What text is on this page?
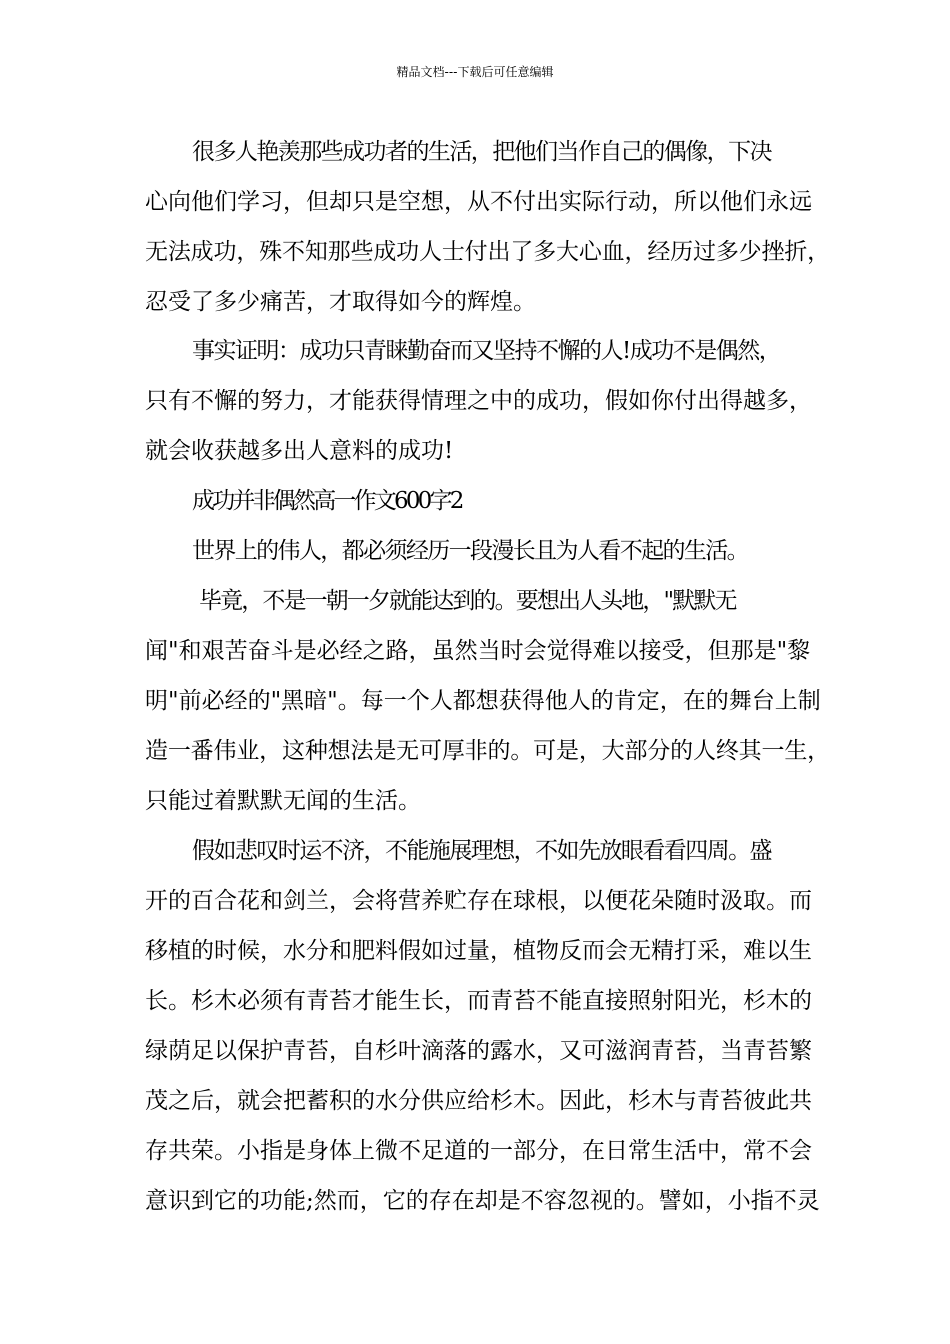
精品文档---下载后可任意编辑
很多人艳羡那些成功者的生活，把他们当作自己的偶像，下决
心向他们学习，但却只是空想，从不付出实际行动，所以他们永远
无法成功，殊不知那些成功人士付出了多大心血，经历过多少挫折，
忍受了多少痛苦，才取得如今的辉煌。
事实证明：成功只青睐勤奋而又坚持不懈的人!成功不是偶然，
只有不懈的努力，才能获得情理之中的成功，假如你付出得越多，
就会收获越多出人意料的成功!
成功并非偶然高一作文600字2
世界上的伟人，都必须经历一段漫长且为人看不起的生活。
毕竟，不是一朝一夕就能达到的。要想出人头地，"默默无
闻"和艰苦奋斗是必经之路，虽然当时会觉得难以接受，但那是"黎
明"前必经的"黑暗"。每一个人都想获得他人的肯定，在的舞台上制
造一番伟业，这种想法是无可厚非的。可是，大部分的人终其一生，
只能过着默默无闻的生活。
假如悲叹时运不济，不能施展理想，不如先放眼看看四周。盛
开的百合花和剑兰，会将营养贮存在球根，以便花朵随时汲取。而
移植的时候，水分和肥料假如过量，植物反而会无精打采，难以生
长。杉木必须有青苔才能生长，而青苔不能直接照射阳光，杉木的
绿荫足以保护青苔，自杉叶滴落的露水，又可滋润青苔，当青苔繁
茂之后，就会把蓄积的水分供应给杉木。因此，杉木与青苔彼此共
存共荣。小指是身体上微不足道的一部分，在日常生活中，常不会
意识到它的功能;然而，它的存在却是不容忽视的。譬如，小指不灵
